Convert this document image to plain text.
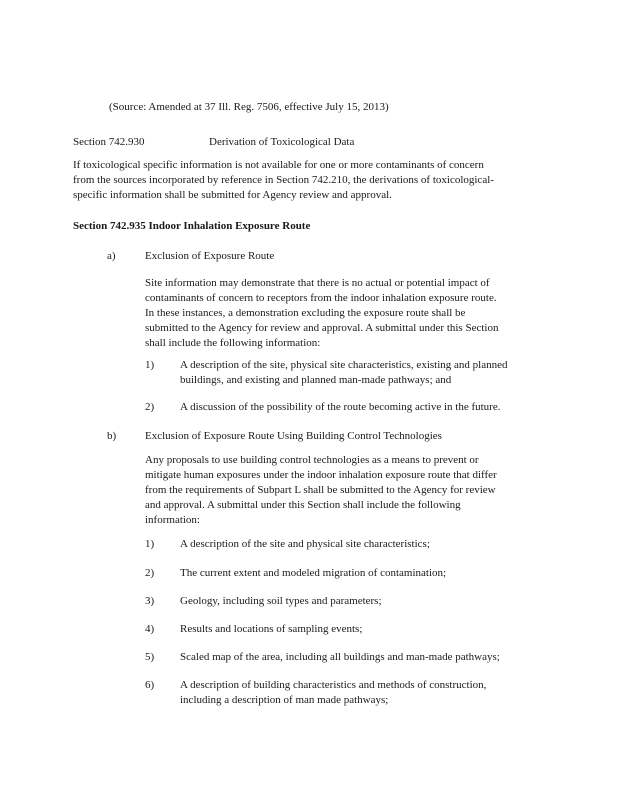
(Source: Amended at 37 Ill. Reg. 7506, effective July 15, 2013)
Section 742.930	Derivation of Toxicological Data
If toxicological specific information is not available for one or more contaminants of concern
from the sources incorporated by reference in Section 742.210, the derivations of toxicological-
specific information shall be submitted for Agency review and approval.
Section 742.935 Indoor Inhalation Exposure Route
a)	Exclusion of Exposure Route
Site information may demonstrate that there is no actual or potential impact of
contaminants of concern to receptors from the indoor inhalation exposure route.
In these instances, a demonstration excluding the exposure route shall be
submitted to the Agency for review and approval. A submittal under this Section
shall include the following information:
1) A description of the site, physical site characteristics, existing and planned
buildings, and existing and planned man-made pathways; and
2) A discussion of the possibility of the route becoming active in the future.
b)	Exclusion of Exposure Route Using Building Control Technologies
Any proposals to use building control technologies as a means to prevent or
mitigate human exposures under the indoor inhalation exposure route that differ
from the requirements of Subpart L shall be submitted to the Agency for review
and approval. A submittal under this Section shall include the following
information:
1) A description of the site and physical site characteristics;
2) The current extent and modeled migration of contamination;
3) Geology, including soil types and parameters;
4) Results and locations of sampling events;
5) Scaled map of the area, including all buildings and man-made pathways;
6) A description of building characteristics and methods of construction,
including a description of man made pathways;
